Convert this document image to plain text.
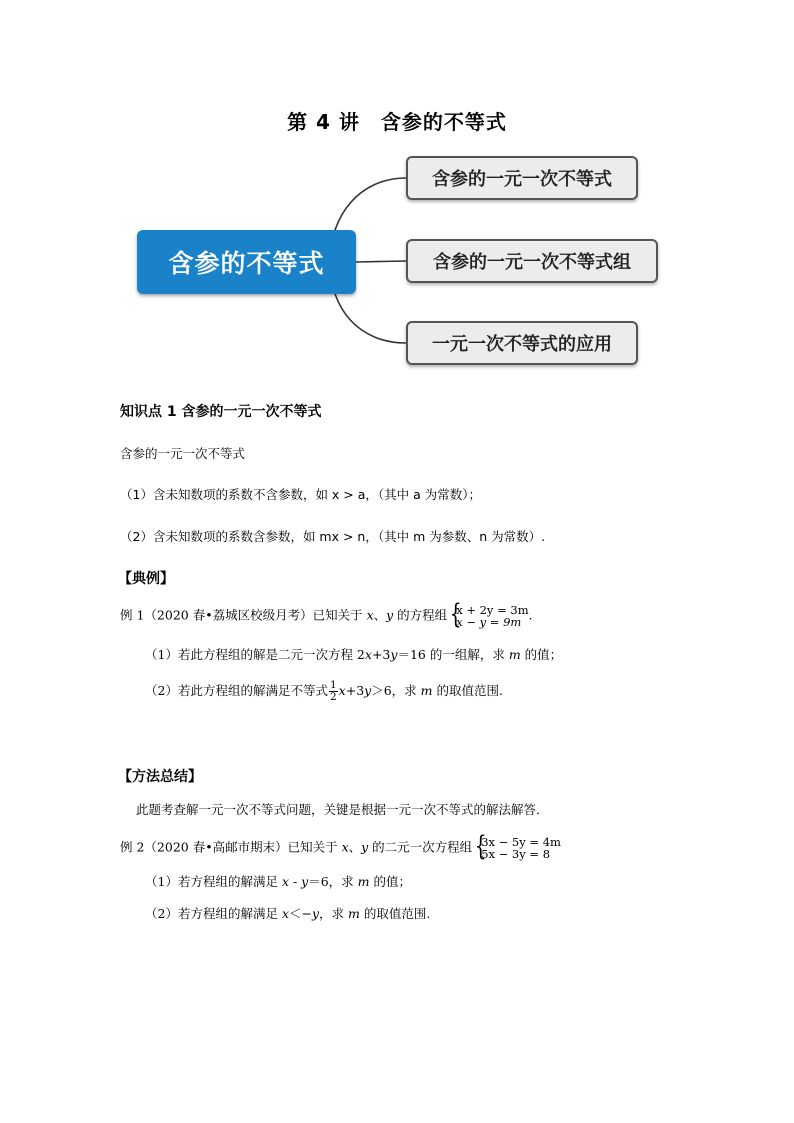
第 4 讲　含参的不等式
含参的不等式
含参的一元一次不等式
含参的一元一次不等式组
一元一次不等式的应用
知识点 1 含参的一元一次不等式
含参的一元一次不等式
（1）含未知数项的系数不含参数，如 x > a，（其中 a 为常数）；
（2）含未知数项的系数含参数，如 mx > n，（其中 m 为参数、n 为常数）.
【典例】
例 1（2020 春•荔城区校级月考）已知关于 x、y 的方程组 {
x + 2y = 3m
x − y = 9m .
（1）若此方程组的解是二元一次方程 2x+3y＝16 的一组解，求 m 的值；
（2）若此方程组的解满足不等式 $\frac{1}{2} x+3y>6$，求 m 的取值范围.
【方法总结】
此题考查解一元一次不等式问题，关键是根据一元一次不等式的解法解答．
例 2（2020 春•高邮市期末）已知关于 x、y 的二元一次方程组 {
3x − 5y = 4m
5x − 3y = 8
（1）若方程组的解满足 x - y＝6，求 m 的值；
（2）若方程组的解满足 x＜−y，求 m 的取值范围.
